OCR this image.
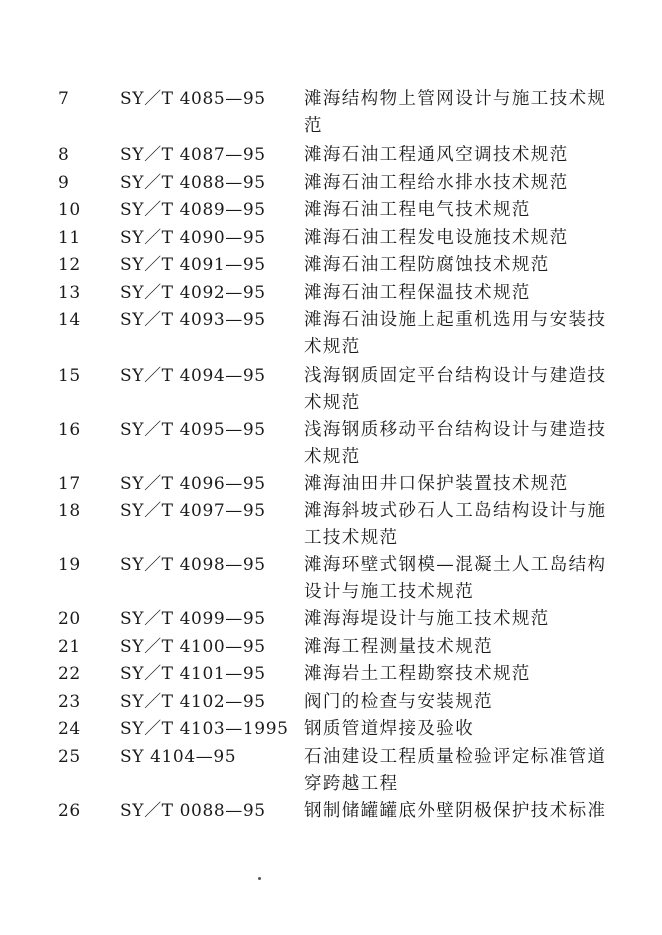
7	SY／T 4085—95	滩海结构物上管网设计与施工技术规范
8	SY／T 4087—95	滩海石油工程通风空调技术规范
9	SY／T 4088—95	滩海石油工程给水排水技术规范
10	SY／T 4089—95	滩海石油工程电气技术规范
11	SY／T 4090—95	滩海石油工程发电设施技术规范
12	SY／T 4091—95	滩海石油工程防腐蚀技术规范
13	SY／T 4092—95	滩海石油工程保温技术规范
14	SY／T 4093—95	滩海石油设施上起重机选用与安装技术规范
15	SY／T 4094—95	浅海钢质固定平台结构设计与建造技术规范
16	SY／T 4095—95	浅海钢质移动平台结构设计与建造技术规范
17	SY／T 4096—95	滩海油田井口保护装置技术规范
18	SY／T 4097—95	滩海斜坡式砂石人工岛结构设计与施工技术规范
19	SY／T 4098—95	滩海环壁式钢模—混凝土人工岛结构设计与施工技术规范
20	SY／T 4099—95	滩海海堤设计与施工技术规范
21	SY／T 4100—95	滩海工程测量技术规范
22	SY／T 4101—95	滩海岩土工程勘察技术规范
23	SY／T 4102—95	阀门的检查与安装规范
24	SY／T 4103—1995 钢质管道焊接及验收
25	SY 4104—95	石油建设工程质量检验评定标准管道穿跨越工程
26	SY／T 0088—95	钢制储罐罐底外壁阴极保护技术标准
